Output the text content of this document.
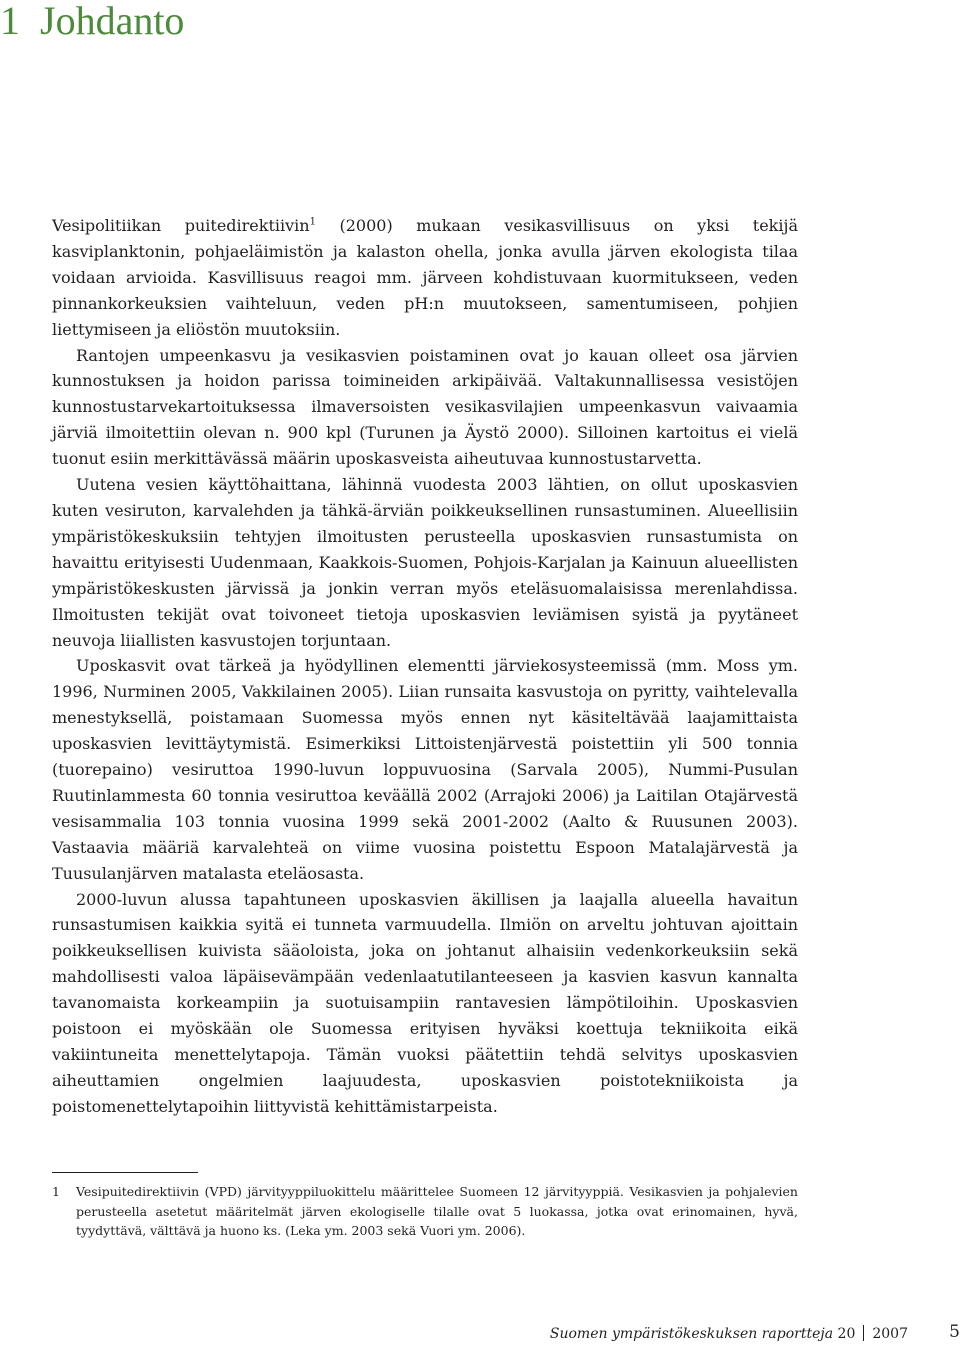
1 Johdanto

Vesipolitiikan puitedirektiivin$^1$ (2000) mukaan vesikasvillisuus on yksi tekijä kasviplanktonin, pohjaeläimistön ja kalaston ohella, jonka avulla järven ekologista tilaa voidaan arvioida. Kasvillisuus reagoi mm. järveen kohdistuvaan kuormitukseen, veden pinnankorkeuksien vaihteluun, veden pH:n muutokseen, samentumiseen, pohjien liettymiseen ja eliöstön muutoksiin.

Rantojen umpeenkasvu ja vesikasvien poistaminen ovat jo kauan olleet osa järvien kunnostuksen ja hoidon parissa toimineiden arkipäivää. Valtakunnallisessa vesistöjen kunnostustarvekartoituksessa ilmaversoisten vesikasvilajien umpeenkasvun vaivaamia järviä ilmoitettiin olevan n. 900 kpl (Turunen ja Äystö 2000). Silloinen kartoitus ei vielä tuonut esiin merkittävässä määrin uposkasveista aiheutuvaa kunnostustarvetta.

Uutena vesien käyttöhaittana, lähinnä vuodesta 2003 lähtien, on ollut uposkasvien kuten vesiruton, karvalehden ja tähkä-ärviän poikkeuksellinen runsastuminen. Alueellisiin ympäristökeskuksiin tehtyjen ilmoitusten perusteella uposkasvien runsastumista on havaittu erityisesti Uudenmaan, Kaakkois-Suomen, Pohjois-Karjalan ja Kainuun alueellisten ympäristökeskusten järvissä ja jonkin verran myös eteläsuomalaisissa merenlahdissa. Ilmoitusten tekijät ovat toivoneet tietoja uposkasvien leviämisen syistä ja pyytäneet neuvoja liiallisten kasvustojen torjuntaan.

Uposkasvit ovat tärkeä ja hyödyllinen elementti järviekosysteemissä (mm. Moss ym. 1996, Nurminen 2005, Vakkilainen 2005). Liian runsaita kasvustoja on pyritty, vaihtelevalla menestyksellä, poistamaan Suomessa myös ennen nyt käsiteltävää laajamittaista uposkasvien levittäytymistä. Esimerkiksi Littoistenjärvestä poistettiin yli 500 tonnia (tuorepaino) vesiruttoa 1990-luvun loppuvuosina (Sarvala 2005), Nummi-Pusulan Ruutinlammesta 60 tonnia vesiruttoa keväällä 2002 (Arrajoki 2006) ja Laitilan Otajärvestä vesisammalia 103 tonnia vuosina 1999 sekä 2001-2002 (Aalto & Ruusunen 2003). Vastaavia määriä karvalehteä on viime vuosina poistettu Espoon Matalajärvestä ja Tuusulanjärven matalasta eteläosasta.

2000-luvun alussa tapahtuneen uposkasvien äkillisen ja laajalla alueella havaitun runsastumisen kaikkia syitä ei tunneta varmuudella. Ilmiön on arveltu johtuvan ajoittain poikkeuksellisen kuivista sääoloista, joka on johtanut alhaisiin vedenkorkeuksiin sekä mahdollisesti valoa läpäisevämpään vedenlaatutilanteeseen ja kasvien kasvun kannalta tavanomaista korkeampiin ja suotuisampiin rantavesien lämpötiloihin. Uposkasvien poistoon ei myöskään ole Suomessa erityisen hyväksi koettuja tekniikoita eikä vakiintuneita menettelytapoja. Tämän vuoksi päätettiin tehdä selvitys uposkasvien aiheuttamien ongelmien laajuudesta, uposkasvien poistotekniikoista ja poistomenettelytapoihin liittyvistä kehittämistarpeista.

1 Vesipuitedirektiivin (VPD) järvityyppiluokittelu määrittelee Suomeen 12 järvityyppiä. Vesikasvien ja pohjalevien perusteella asetetut määritelmät järven ekologiselle tilalle ovat 5 luokassa, jotka ovat erinomainen, hyvä, tyydyttävä, välttävä ja huono ks. (Leka ym. 2003 sekä Vuori ym. 2006).
Suomen ympäristökeskuksen raportteja 20 2007	5
